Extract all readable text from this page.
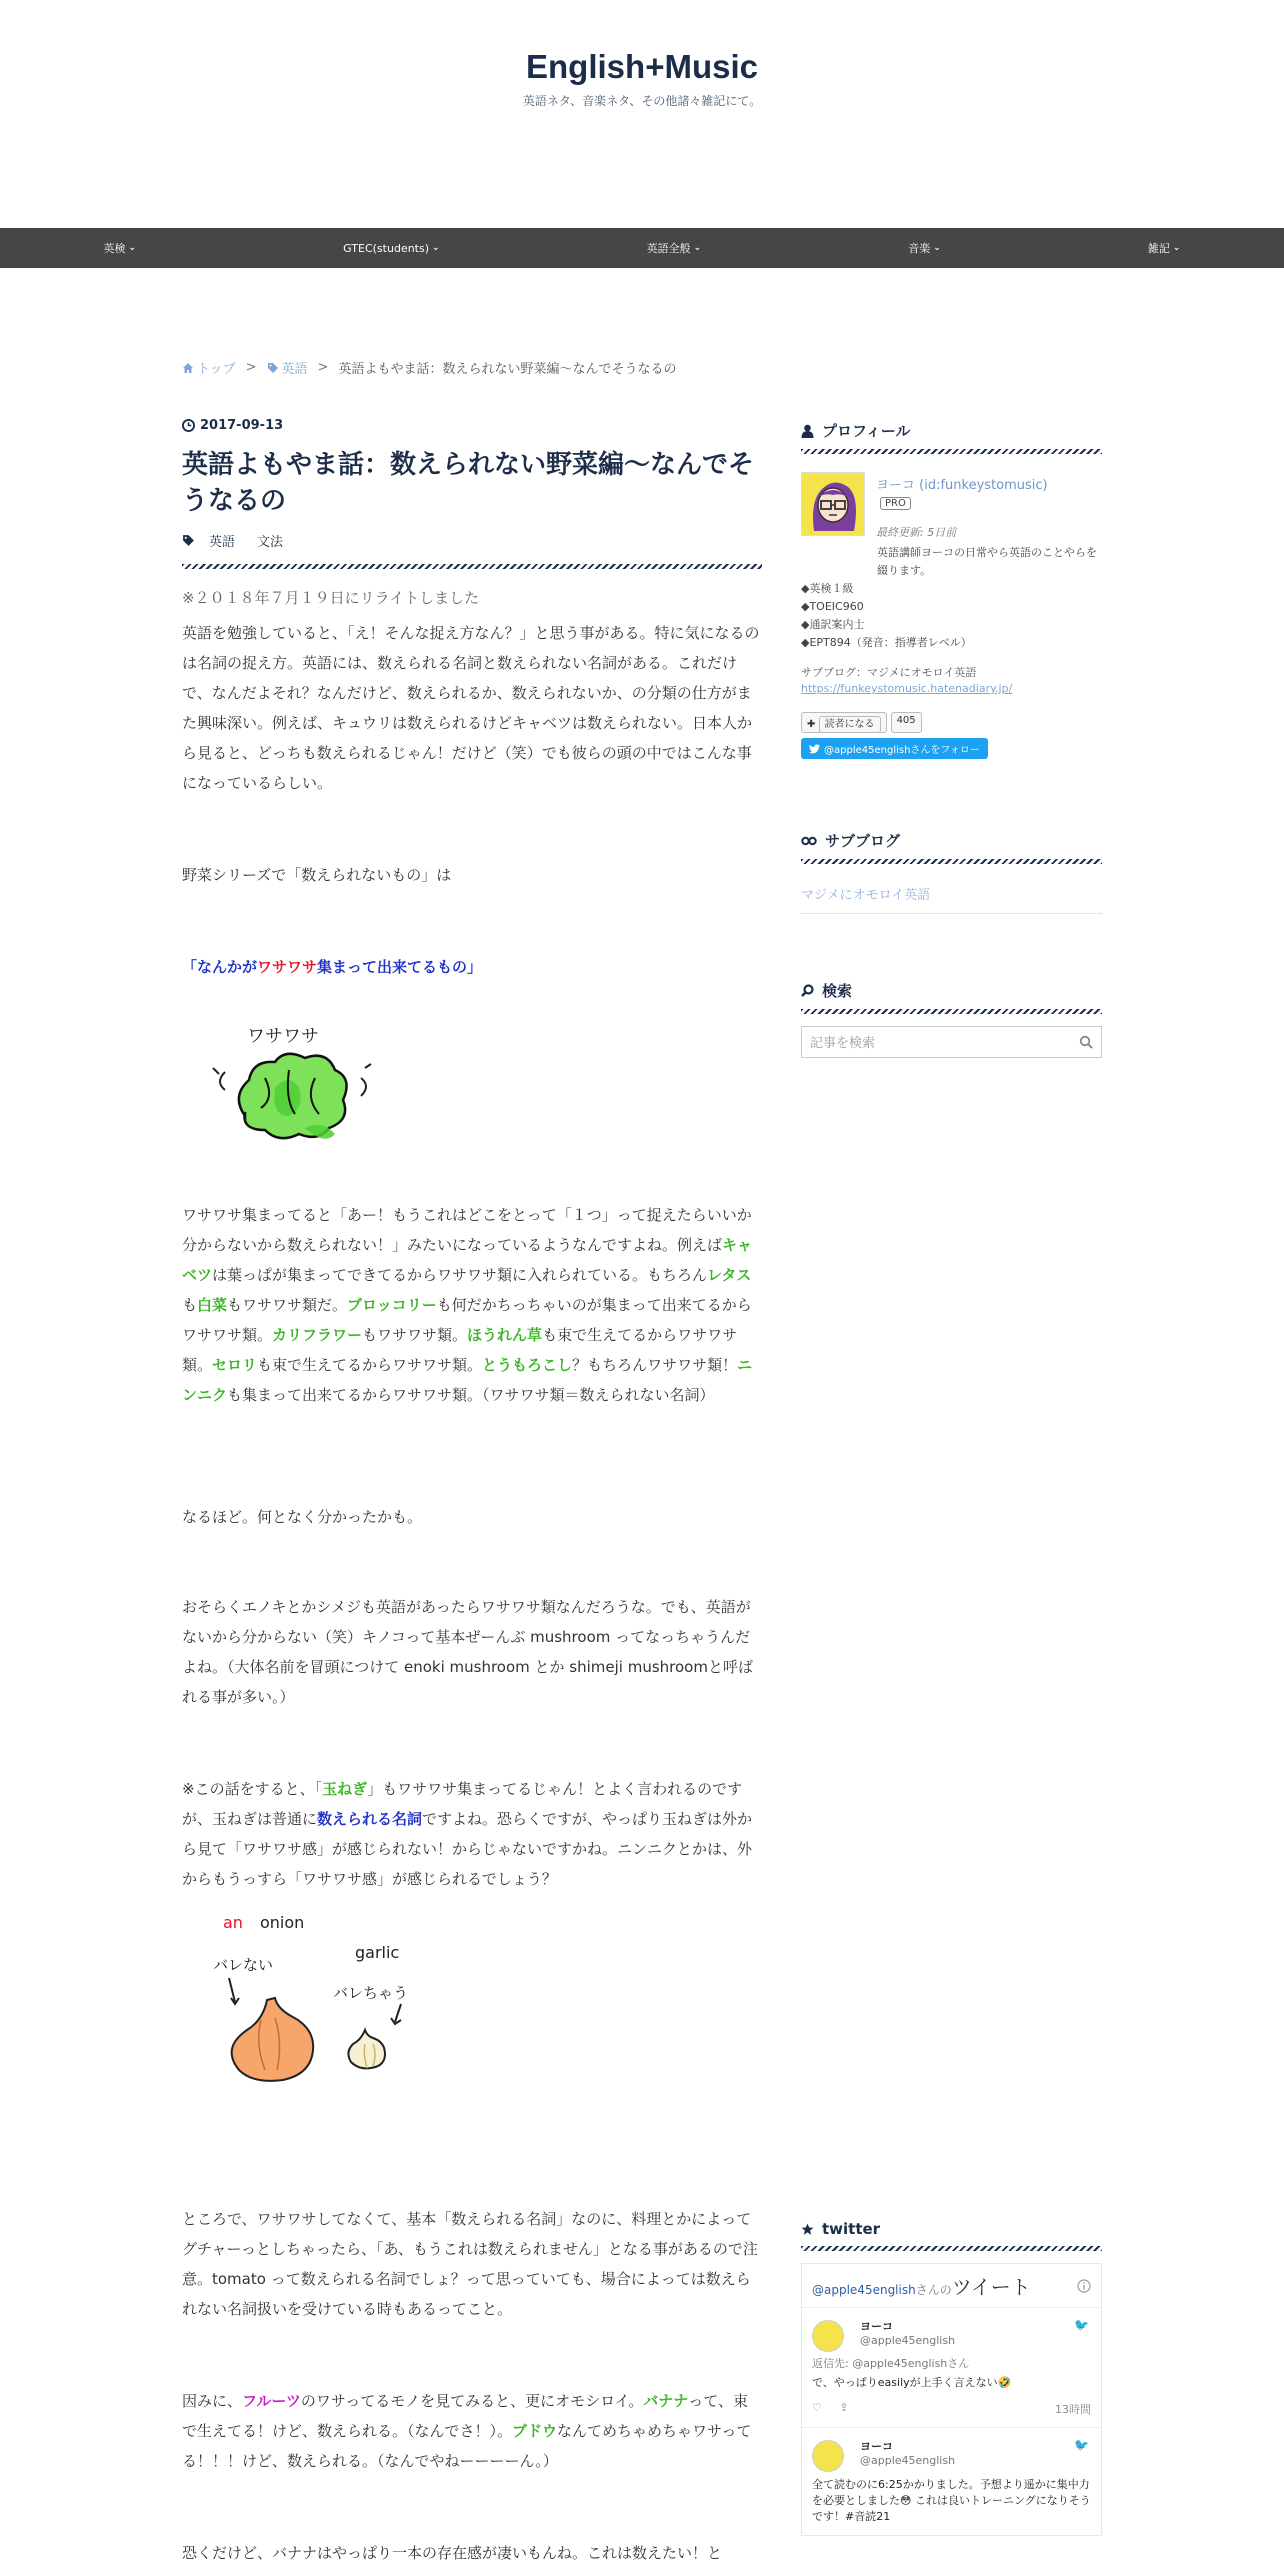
English+Music
英語ネタ、音楽ネタ、その他諸々雑記にて。
英検 ⌄	GTEC(students) ⌄	英語全般 ⌄	音楽 ⌄	雑記 ⌄
トップ > 英語 > 英語よもやま話：数えられない野菜編～なんでそうなるの
2017-09-13
英語よもやま話：数えられない野菜編～なんでそうなるの
英語 文法
※２０１８年７月１９日にリライトしました
英語を勉強していると、「え！そんな捉え方なん？」と思う事がある。特に気になるのは名詞の捉え方。英語には、数えられる名詞と数えられない名詞がある。これだけで、なんだよそれ？なんだけど、数えられるか、数えられないか、の分類の仕方がまた興味深い。例えば、キュウリは数えられるけどキャベツは数えられない。日本人から見ると、どっちも数えられるじゃん！だけど（笑）でも彼らの頭の中ではこんな事になっているらしい。
野菜シリーズで「数えられないもの」は
「なんかがワサワサ集まって出来てるもの」
ワサワサ
ワサワサ集まってると「あー！もうこれはどこをとって「１つ」って捉えたらいいか分からないから数えられない！」みたいになっているようなんですよね。例えばキャベツは葉っぱが集まってできてるからワサワサ類に入れられている。もちろんレタスも白菜もワサワサ類だ。ブロッコリーも何だかちっちゃいのが集まって出来てるからワサワサ類。カリフラワーもワサワサ類。ほうれん草も束で生えてるからワサワサ類。セロリも束で生えてるからワサワサ類。とうもろこし？もちろんワサワサ類！ニンニクも集まって出来てるからワサワサ類。（ワサワサ類＝数えられない名詞）
なるほど。何となく分かったかも。
おそらくエノキとかシメジも英語があったらワサワサ類なんだろうな。でも、英語がないから分からない（笑）キノコって基本ぜーんぶ mushroom ってなっちゃうんだよね。（大体名前を冒頭につけて enoki mushroom とか shimeji mushroomと呼ばれる事が多い。）
※この話をすると、「玉ねぎ」もワサワサ集まってるじゃん！とよく言われるのですが、玉ねぎは普通に数えられる名詞ですよね。恐らくですが、やっぱり玉ねぎは外から見て「ワサワサ感」が感じられない！からじゃないですかね。ニンニクとかは、外からもうっすら「ワサワサ感」が感じられるでしょう？
an onion
garlic
バレない
バレちゃう
ところで、ワサワサしてなくて、基本「数えられる名詞」なのに、料理とかによってグチャーっとしちゃったら、「あ、もうこれは数えられません」となる事があるので注意。tomato って数えられる名詞でしょ？って思っていても、場合によっては数えられない名詞扱いを受けている時もあるってこと。
因みに、フルーツのワサってるモノを見てみると、更にオモシロイ。バナナって、束で生えてる！けど、数えられる。（なんでさ！）。ブドウなんてめちゃめちゃワサってる！！！けど、数えられる。（なんでやねーーーーん。）
恐くだけど、バナナはやっぱり一本の存在感が凄いもんね。これは数えたい！と
プロフィール
ヨーコ (id:funkeystomusic)
PRO
最終更新: 5日前
英語講師ヨーコの日常やら英語のことやらを綴ります。
◆英検１級
◆TOEIC960
◆通訳案内士
◆EPT894（発音：指導者レベル）
サブブログ：マジメにオモロイ英語
https://funkeystomusic.hatenadiary.jp/
✚ 読者になる	405
@apple45englishさんをフォロー
サブブログ
マジメにオモロイ英語
検索
記事を検索
twitter
@apple45englishさんのツイート
🐦
ヨーコ
@apple45english
返信先: @apple45englishさん
で、やっぱりeasilyが上手く言えない🤣
♡ ⇪	13時間
🐦
ヨーコ
@apple45english
全て読むのに6:25かかりました。予想より遥かに集中力を必要としました😳 これは良いトレーニングになりそうです！#音読21
